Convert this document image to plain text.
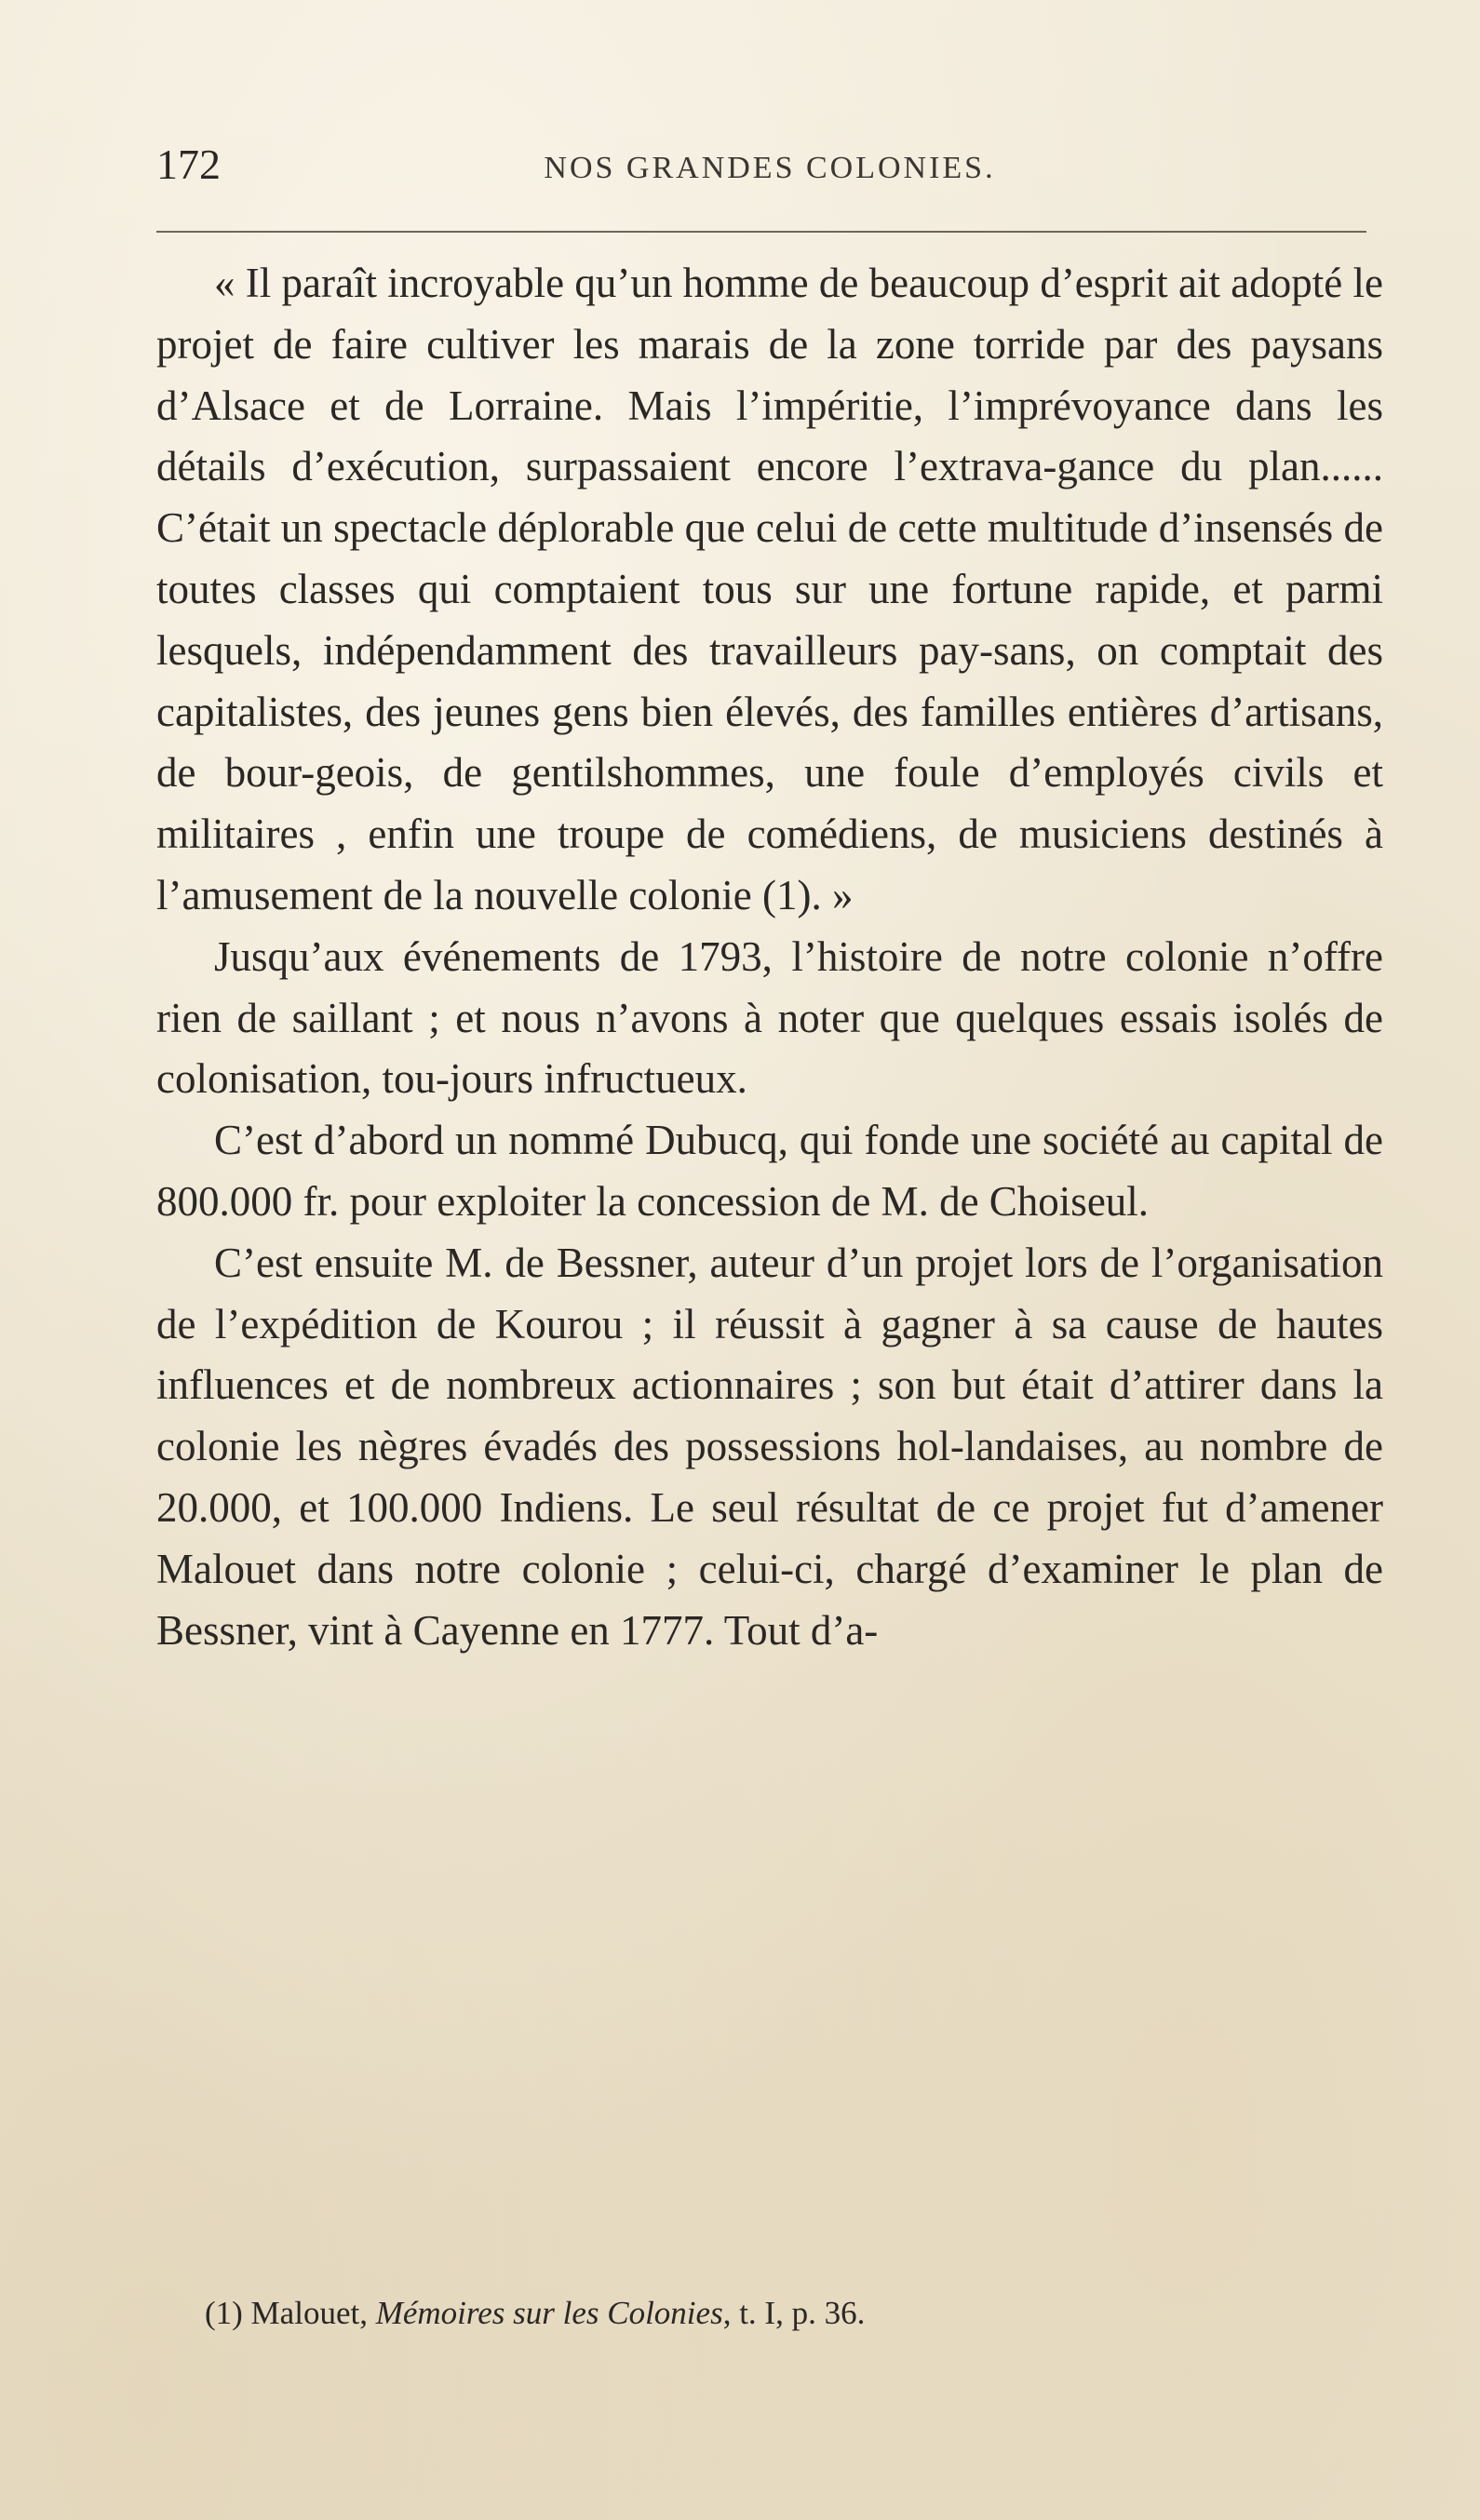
172	NOS GRANDES COLONIES.

« Il paraît incroyable qu’un homme de beaucoup d’esprit ait adopté le projet de faire cultiver les marais de la zone torride par des paysans d’Alsace et de Lorraine. Mais l’impéritie, l’imprévoyance dans les détails d’exécution, surpassaient encore l’extrava-gance du plan...... C’était un spectacle déplorable que celui de cette multitude d’insensés de toutes classes qui comptaient tous sur une fortune rapide, et parmi lesquels, indépendamment des travailleurs pay-sans, on comptait des capitalistes, des jeunes gens bien élevés, des familles entières d’artisans, de bour-geois, de gentilshommes, une foule d’employés civils et militaires , enfin une troupe de comédiens, de musiciens destinés à l’amusement de la nouvelle colonie (1). »

Jusqu’aux événements de 1793, l’histoire de notre colonie n’offre rien de saillant ; et nous n’avons à noter que quelques essais isolés de colonisation, tou-jours infructueux.

C’est d’abord un nommé Dubucq, qui fonde une société au capital de 800.000 fr. pour exploiter la concession de M. de Choiseul.

C’est ensuite M. de Bessner, auteur d’un projet lors de l’organisation de l’expédition de Kourou ; il réussit à gagner à sa cause de hautes influences et de nombreux actionnaires ; son but était d’attirer dans la colonie les nègres évadés des possessions hol-landaises, au nombre de 20.000, et 100.000 Indiens. Le seul résultat de ce projet fut d’amener Malouet dans notre colonie ; celui-ci, chargé d’examiner le plan de Bessner, vint à Cayenne en 1777. Tout d’a-

(1) Malouet, Mémoires sur les Colonies, t. I, p. 36.
